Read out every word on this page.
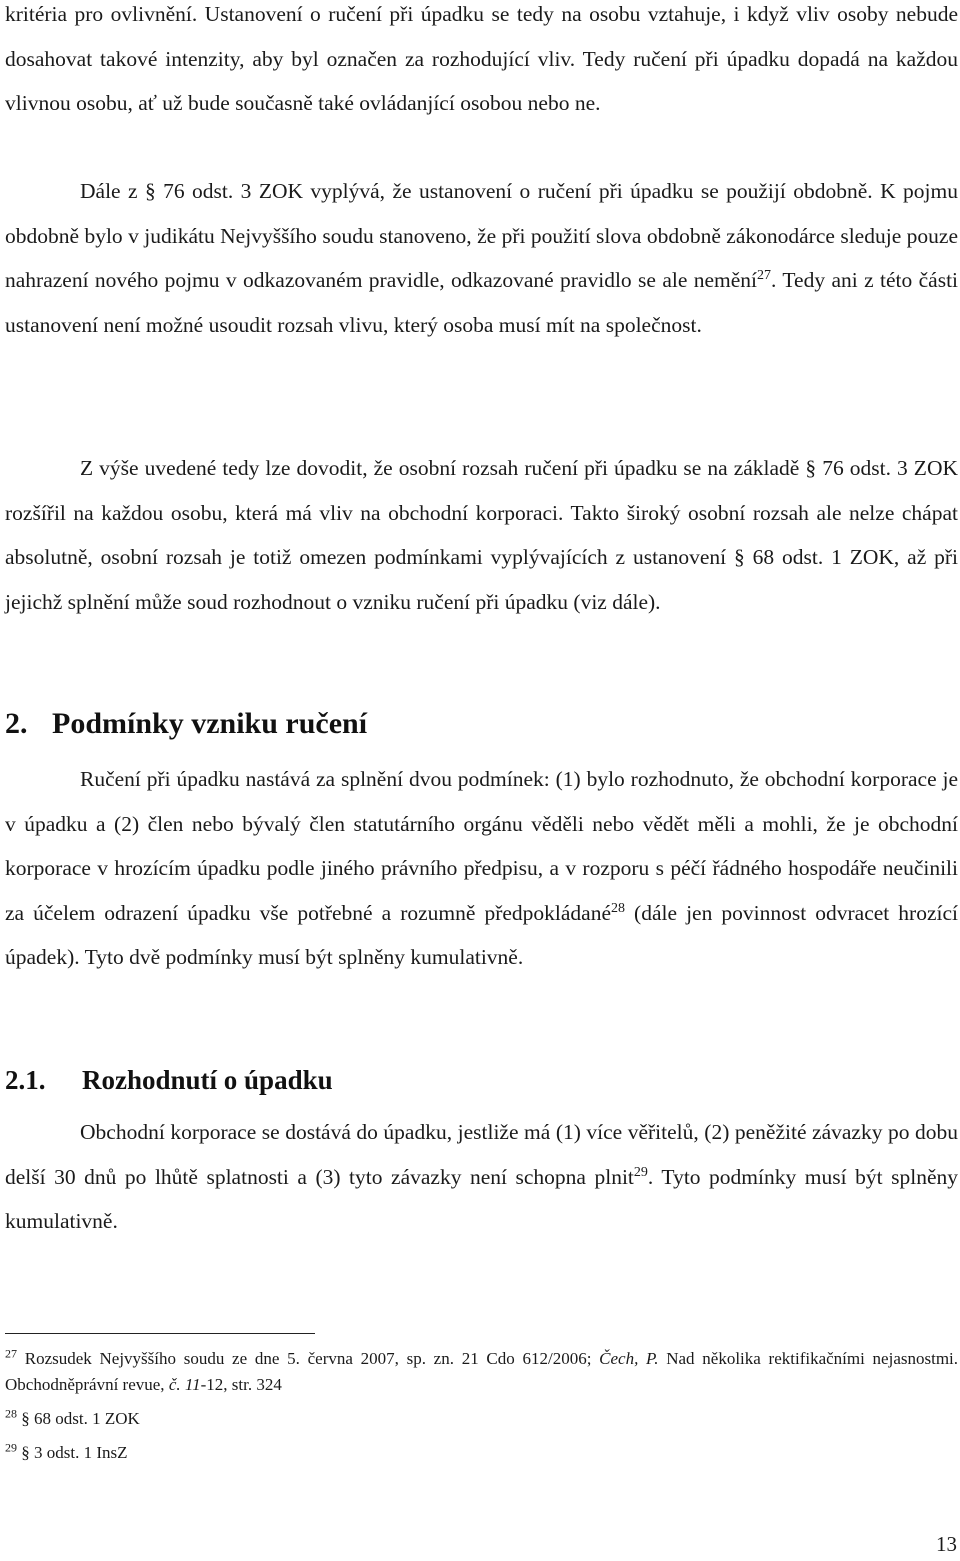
kritéria pro ovlivnění. Ustanovení o ručení při úpadku se tedy na osobu vztahuje, i když vliv osoby nebude dosahovat takové intenzity, aby byl označen za rozhodující vliv. Tedy ručení při úpadku dopadá na každou vlivnou osobu, ať už bude současně také ovládanjící osobou nebo ne.

Dále z § 76 odst. 3 ZOK vyplývá, že ustanovení o ručení při úpadku se použijí obdobně. K pojmu obdobně bylo v judikátu Nejvyššího soudu stanoveno, že při použití slova obdobně zákonodárce sleduje pouze nahrazení nového pojmu v odkazovaném pravidle, odkazované pravidlo se ale nemění$^{27}$. Tedy ani z této části ustanovení není možné usoudit rozsah vlivu, který osoba musí mít na společnost.

Z výše uvedené tedy lze dovodit, že osobní rozsah ručení při úpadku se na základě § 76 odst. 3 ZOK rozšířil na každou osobu, která má vliv na obchodní korporaci. Takto široký osobní rozsah ale nelze chápat absolutně, osobní rozsah je totiž omezen podmínkami vyplývajících z ustanovení § 68 odst. 1 ZOK, až při jejichž splnění může soud rozhodnout o vzniku ručení při úpadku (viz dále).

2. Podmínky vzniku ručení

Ručení při úpadku nastává za splnění dvou podmínek: (1) bylo rozhodnuto, že obchodní korporace je v úpadku a (2) člen nebo bývalý člen statutárního orgánu věděli nebo vědět měli a mohli, že je obchodní korporace v hrozícím úpadku podle jiného právního předpisu, a v rozporu s péčí řádného hospodáře neučinili za účelem odrazení úpadku vše potřebné a rozumně předpokládané$^{28}$ (dále jen povinnost odvracet hrozící úpadek). Tyto dvě podmínky musí být splněny kumulativně.

2.1. Rozhodnutí o úpadku

Obchodní korporace se dostává do úpadku, jestliže má (1) více věřitelů, (2) peněžité závazky po dobu delší 30 dnů po lhůtě splatnosti a (3) tyto závazky není schopna plnit$^{29}$. Tyto podmínky musí být splněny kumulativně.

$^{27}$ Rozsudek Nejvyššího soudu ze dne 5. června 2007, sp. zn. 21 Cdo 612/2006; Čech, P. Nad několika rektifikačními nejasnostmi. Obchodněprávní revue, č. 11-12, str. 324

$^{28}$ § 68 odst. 1 ZOK

$^{29}$ § 3 odst. 1 InsZ

13
